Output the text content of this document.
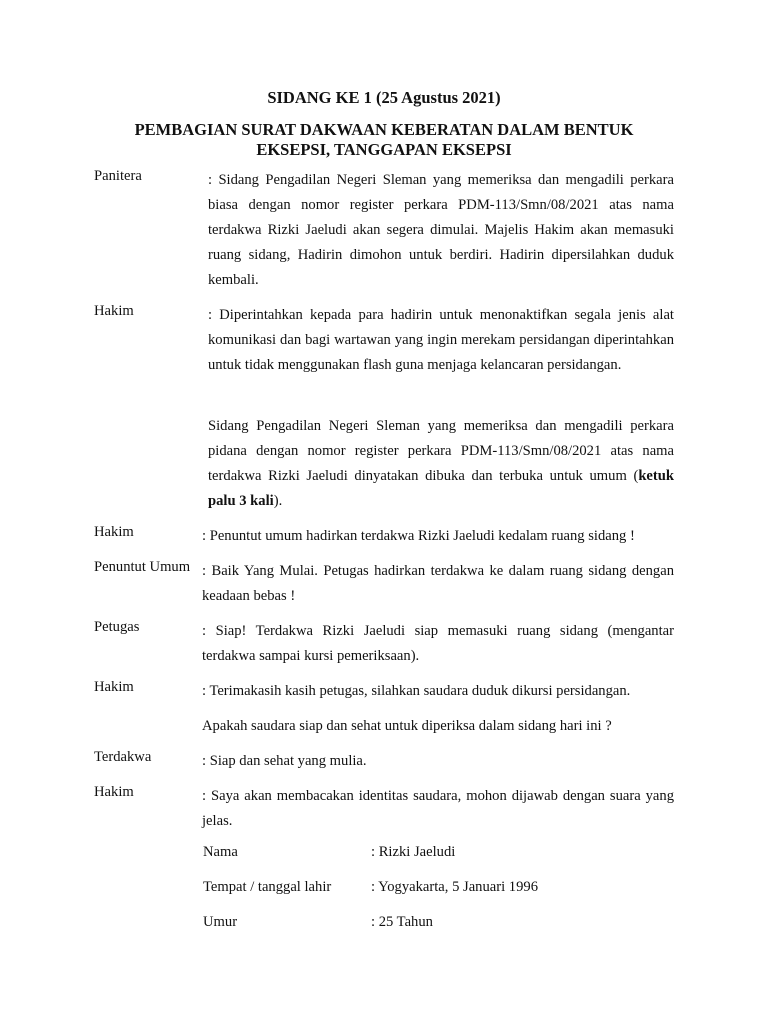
SIDANG KE 1 (25 Agustus 2021)
PEMBAGIAN SURAT DAKWAAN KEBERATAN DALAM BENTUK EKSEPSI, TANGGAPAN EKSEPSI
Panitera	: Sidang Pengadilan Negeri Sleman yang memeriksa dan mengadili perkara biasa dengan nomor register perkara PDM-113/Smn/08/2021 atas nama terdakwa Rizki Jaeludi akan segera dimulai. Majelis Hakim akan memasuki ruang sidang, Hadirin dimohon untuk berdiri. Hadirin dipersilahkan duduk kembali.
Hakim	: Diperintahkan kepada para hadirin untuk menonaktifkan segala jenis alat komunikasi dan bagi wartawan yang ingin merekam persidangan diperintahkan untuk tidak menggunakan flash guna menjaga kelancaran persidangan.
Sidang Pengadilan Negeri Sleman yang memeriksa dan mengadili perkara pidana dengan nomor register perkara PDM-113/Smn/08/2021 atas nama terdakwa Rizki Jaeludi dinyatakan dibuka dan terbuka untuk umum (ketuk palu 3 kali).
Hakim	: Penuntut umum hadirkan terdakwa Rizki Jaeludi kedalam ruang sidang !
Penuntut Umum : Baik Yang Mulai. Petugas hadirkan terdakwa ke dalam ruang sidang dengan keadaan bebas !
Petugas	: Siap! Terdakwa Rizki Jaeludi siap memasuki ruang sidang (mengantar terdakwa sampai kursi pemeriksaan).
Hakim	: Terimakasih kasih petugas, silahkan saudara duduk dikursi persidangan.
Apakah saudara siap dan sehat untuk diperiksa dalam sidang hari ini ?
Terdakwa	: Siap dan sehat yang mulia.
Hakim	: Saya akan membacakan identitas saudara, mohon dijawab dengan suara yang jelas.
Nama	: Rizki Jaeludi
Tempat / tanggal lahir	: Yogyakarta, 5 Januari 1996
Umur	: 25 Tahun
